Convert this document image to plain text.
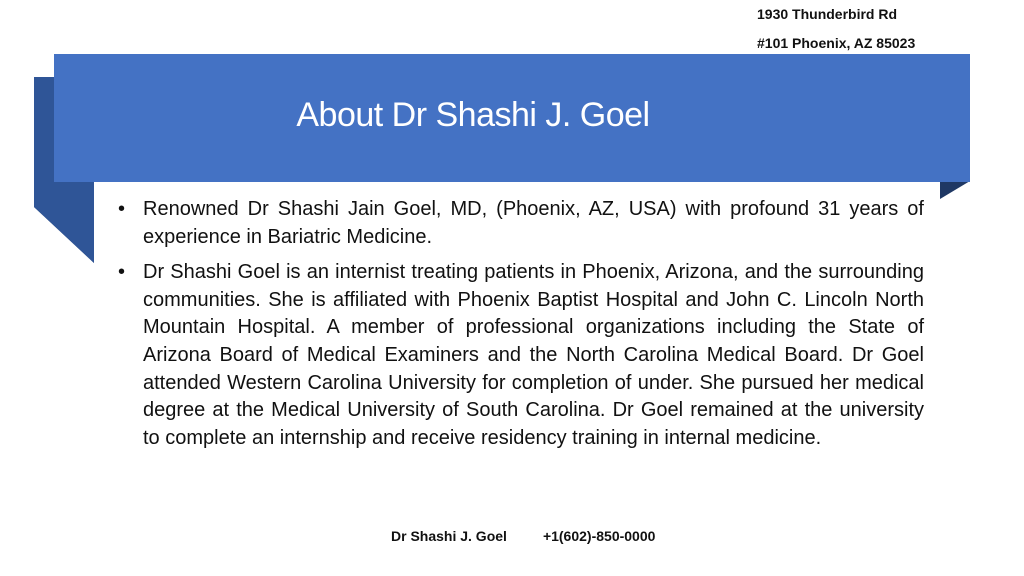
1930 Thunderbird Rd
#101 Phoenix, AZ 85023
About Dr Shashi J. Goel
• Renowned Dr Shashi Jain Goel, MD, (Phoenix, AZ, USA) with profound 31 years of experience in Bariatric Medicine.
• Dr Shashi Goel is an internist treating patients in Phoenix, Arizona, and the surrounding communities. She is affiliated with Phoenix Baptist Hospital and John C. Lincoln North Mountain Hospital. A member of professional organizations including the State of Arizona Board of Medical Examiners and the North Carolina Medical Board. Dr Goel attended Western Carolina University for completion of under. She pursued her medical degree at the Medical University of South Carolina. Dr Goel remained at the university to complete an internship and receive residency training in internal medicine.
Dr Shashi J. Goel	+1(602)-850-0000
